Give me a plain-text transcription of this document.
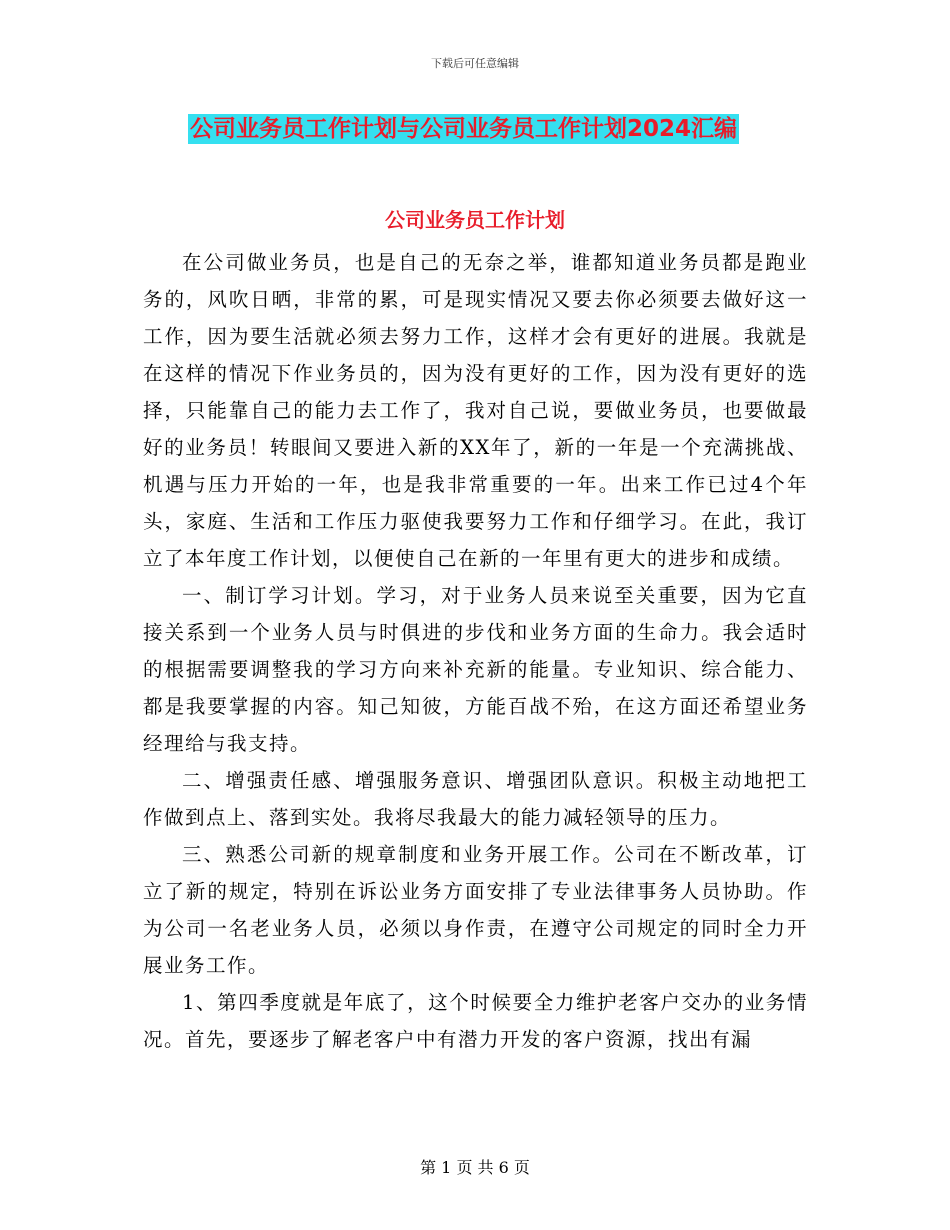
下载后可任意编辑
公司业务员工作计划与公司业务员工作计划2024汇编
公司业务员工作计划

在公司做业务员，也是自己的无奈之举，谁都知道业务员都是跑业务的，风吹日晒，非常的累，可是现实情况又要去你必须要去做好这一工作，因为要生活就必须去努力工作，这样才会有更好的进展。我就是在这样的情况下作业务员的，因为没有更好的工作，因为没有更好的选择，只能靠自己的能力去工作了，我对自己说，要做业务员，也要做最好的业务员！转眼间又要进入新的XX年了，新的一年是一个充满挑战、机遇与压力开始的一年，也是我非常重要的一年。出来工作已过4个年头，家庭、生活和工作压力驱使我要努力工作和仔细学习。在此，我订立了本年度工作计划，以便使自己在新的一年里有更大的进步和成绩。

一、制订学习计划。学习，对于业务人员来说至关重要，因为它直接关系到一个业务人员与时俱进的步伐和业务方面的生命力。我会适时的根据需要调整我的学习方向来补充新的能量。专业知识、综合能力、都是我要掌握的内容。知己知彼，方能百战不殆，在这方面还希望业务经理给与我支持。

二、增强责任感、增强服务意识、增强团队意识。积极主动地把工作做到点上、落到实处。我将尽我最大的能力减轻领导的压力。

三、熟悉公司新的规章制度和业务开展工作。公司在不断改革，订立了新的规定，特别在诉讼业务方面安排了专业法律事务人员协助。作为公司一名老业务人员，必须以身作责，在遵守公司规定的同时全力开展业务工作。

1、第四季度就是年底了，这个时候要全力维护老客户交办的业务情况。首先，要逐步了解老客户中有潜力开发的客户资源，找出有漏

第 1 页 共 6 页
